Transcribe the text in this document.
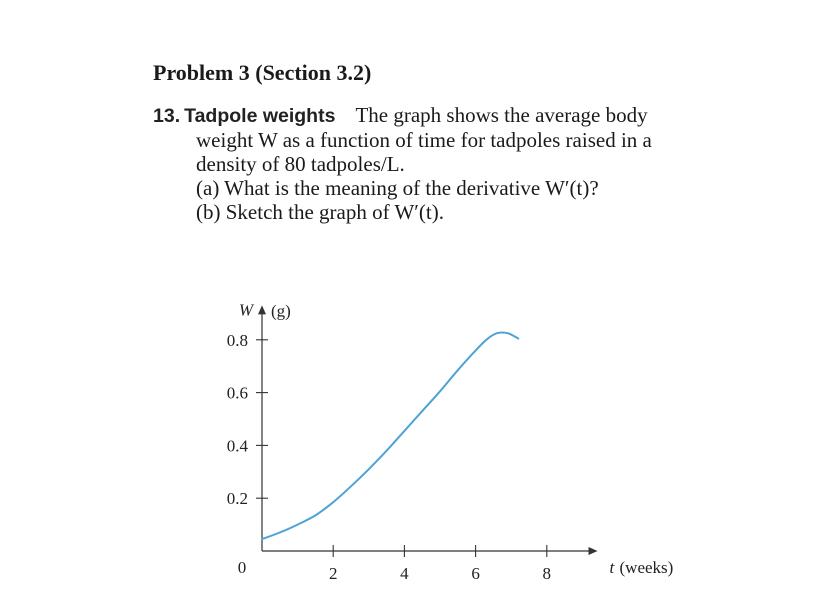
Problem 3 (Section 3.2)
13. Tadpole weights The graph shows the average body
weight W as a function of time for tadpoles raised in a
density of 80 tadpoles/L.
(a) What is the meaning of the derivative W′(t)?
(b) Sketch the graph of W′(t).
0.2
0.4
0.6
0.8
2	4	6	8
0
W (g)
t (weeks)
